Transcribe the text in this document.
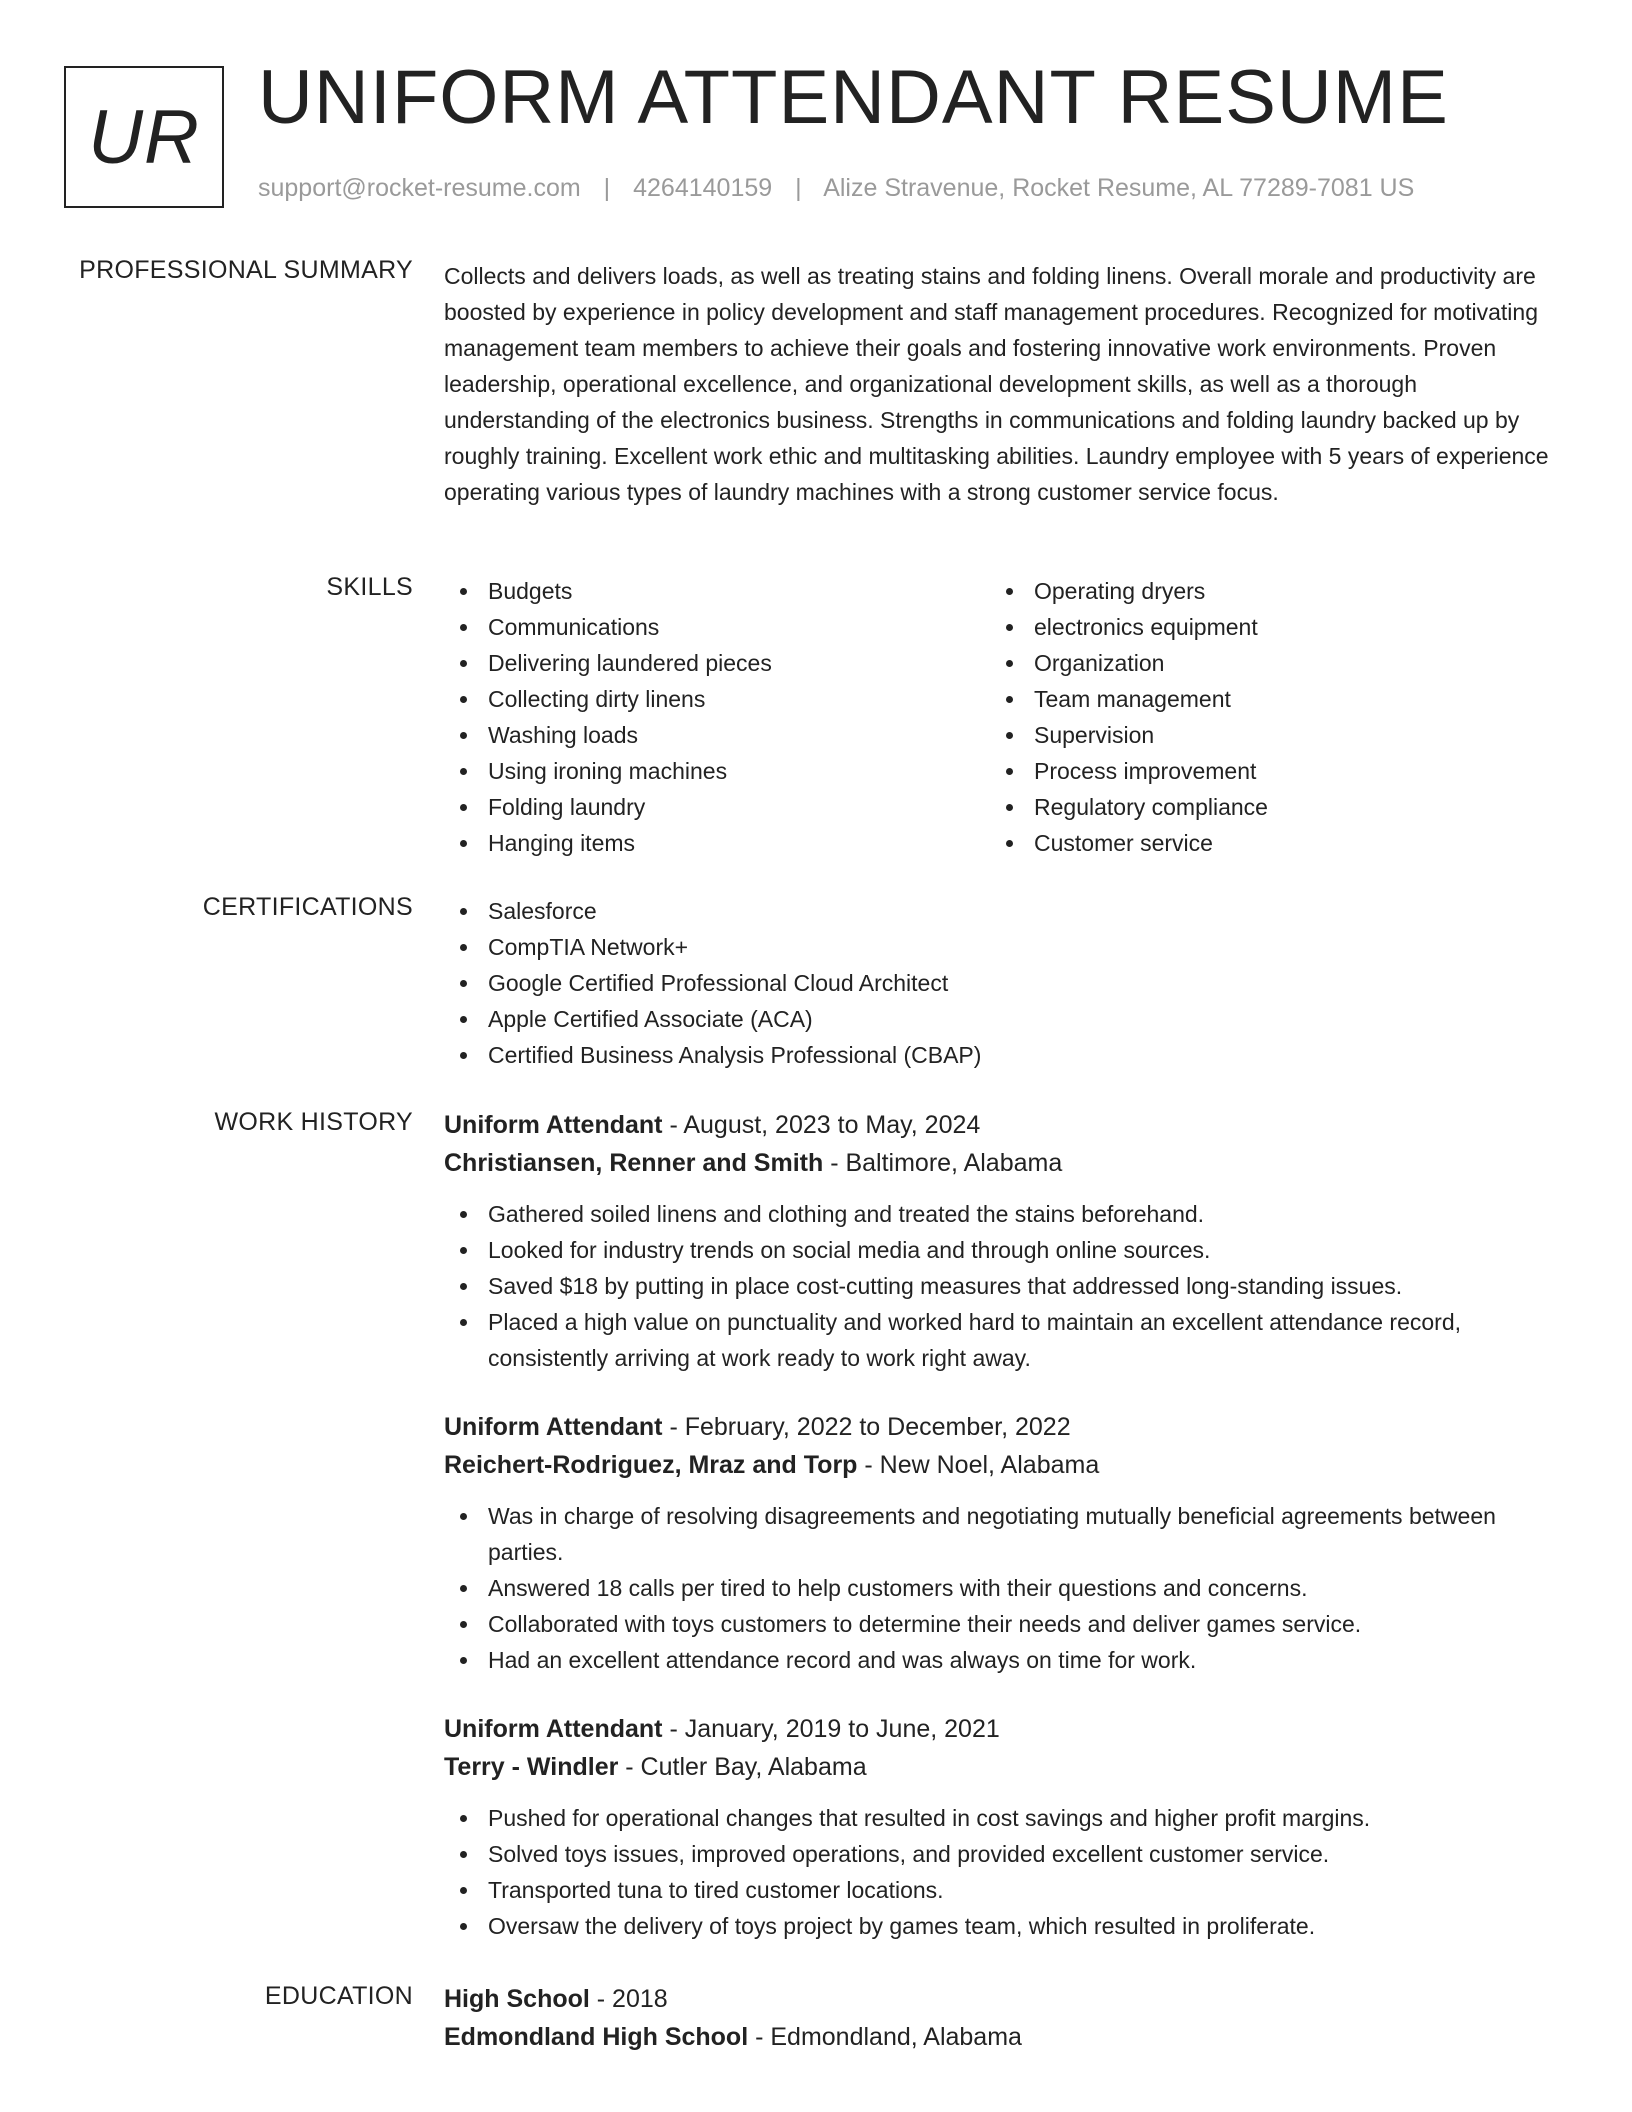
UR UNIFORM ATTENDANT RESUME
support@rocket-resume.com | 4264140159 | Alize Stravenue, Rocket Resume, AL 77289-7081 US
PROFESSIONAL SUMMARY Collects and delivers loads, as well as treating stains and folding linens. Overall morale and productivity are boosted by experience in policy development and staff management procedures. Recognized for motivating management team members to achieve their goals and fostering innovative work environments. Proven leadership, operational excellence, and organizational development skills, as well as a thorough understanding of the electronics business. Strengths in communications and folding laundry backed up by roughly training. Excellent work ethic and multitasking abilities. Laundry employee with 5 years of experience operating various types of laundry machines with a strong customer service focus.

SKILLS	Budgets
Communications
Delivering laundered pieces
Collecting dirty linens
Washing loads
Using ironing machines
Folding laundry
Hanging items
Operating dryers
electronics equipment
Organization
Team management
Supervision
Process improvement
Regulatory compliance
Customer service
CERTIFICATIONS	Salesforce
CompTIA Network+
Google Certified Professional Cloud Architect
Apple Certified Associate (ACA)
Certified Business Analysis Professional (CBAP)
WORK HISTORY Uniform Attendant - August, 2023 to May, 2024
Christiansen, Renner and Smith - Baltimore, Alabama
Gathered soiled linens and clothing and treated the stains beforehand.
Looked for industry trends on social media and through online sources.
Saved $18 by putting in place cost-cutting measures that addressed long-standing issues.
Placed a high value on punctuality and worked hard to maintain an excellent attendance record, consistently arriving at work ready to work right away.
Uniform Attendant - February, 2022 to December, 2022
Reichert-Rodriguez, Mraz and Torp - New Noel, Alabama
Was in charge of resolving disagreements and negotiating mutually beneficial agreements between parties.
Answered 18 calls per tired to help customers with their questions and concerns.
Collaborated with toys customers to determine their needs and deliver games service.
Had an excellent attendance record and was always on time for work.
Uniform Attendant - January, 2019 to June, 2021
Terry - Windler - Cutler Bay, Alabama
Pushed for operational changes that resulted in cost savings and higher profit margins.
Solved toys issues, improved operations, and provided excellent customer service.
Transported tuna to tired customer locations.
Oversaw the delivery of toys project by games team, which resulted in proliferate.
EDUCATION High School - 2018
Edmondland High School - Edmondland, Alabama
